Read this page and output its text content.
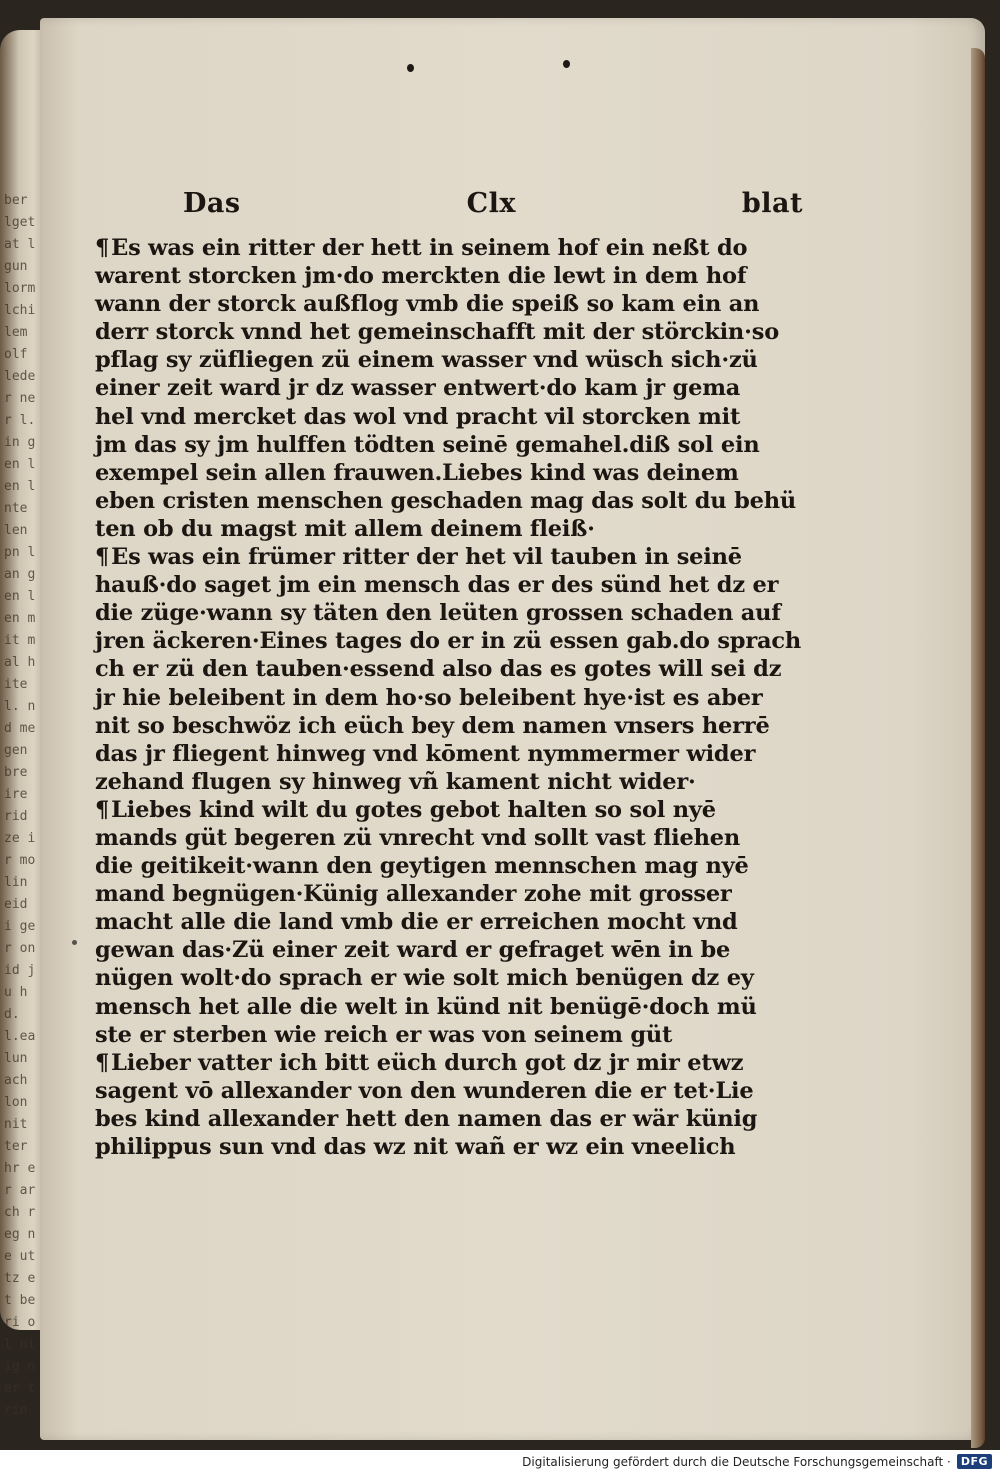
ber lgetat lgun lorm lchi lem olf leder ner l.in gen len lnte len pn lan gen len mit mal hite l. nd me gen bre ire rid ze ir mo lin eid i ger on id ju hd. l.ea lun ach lon nit ter hr er ar ch r eg ne ut tz et be ri ol ni ig ner t rin
Das	Clx	blat
¶Es was ein ritter der hett in seinem hof ein neßt do
warent storcken jm·do merckten die lewt in dem hof
wann der storck außflog vmb die speiß so kam ein an
derr storck vnnd het gemeinschafft mit der störckin·so
pflag sy züfliegen zü einem wasser vnd wüsch sich·zü
einer zeit ward jr dz wasser entwert·do kam jr gema
hel vnd mercket das wol vnd pracht vil storcken mit
jm das sy jm hulffen tödten seinē gemahel.diß sol ein
exempel sein allen frauwen.Liebes kind was deinem
eben cristen menschen geschaden mag das solt du behü
ten ob du magst mit allem deinem fleiß·
¶Es was ein frümer ritter der het vil tauben in seinē
hauß·do saget jm ein mensch das er des sünd het dz er
die züge·wann sy täten den leüten grossen schaden auf
jren äckeren·Eines tages do er in zü essen gab.do sprach
ch er zü den tauben·essend also das es gotes will sei dz
jr hie beleibent in dem ho·so beleibent hye·ist es aber
nit so beschwöz ich eüch bey dem namen vnsers herrē
das jr fliegent hinweg vnd kōment nymmermer wider
zehand flugen sy hinweg vñ kament nicht wider·
¶Liebes kind wilt du gotes gebot halten so sol nyē
mands güt begeren zü vnrecht vnd sollt vast fliehen
die geitikeit·wann den geytigen mennschen mag nyē
mand begnügen·Künig allexander zohe mit grosser
macht alle die land vmb die er erreichen mocht vnd
gewan das·Zü einer zeit ward er gefraget wēn in be
nügen wolt·do sprach er wie solt mich benügen dz ey
mensch het alle die welt in künd nit benügē·doch mü
ste er sterben wie reich er was von seinem güt
¶Lieber vatter ich bitt eüch durch got dz jr mir etwz
sagent vō allexander von den wunderen die er tet·Lie
bes kind allexander hett den namen das er wär künig
philippus sun vnd das wz nit wañ er wz ein vneelich
Digitalisierung gefördert durch die Deutsche Forschungsgemeinschaft · DFG
